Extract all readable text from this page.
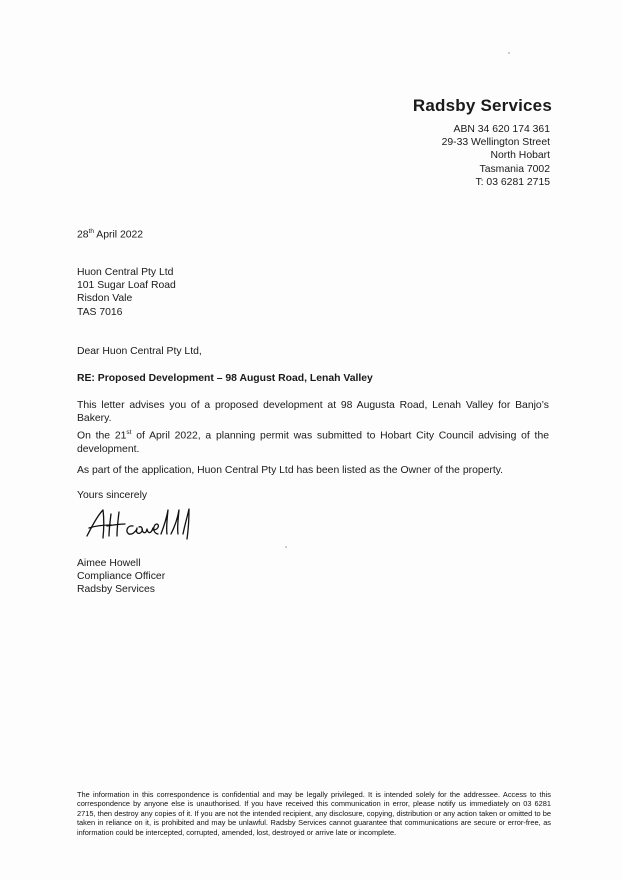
Radsby Services
ABN 34 620 174 361
29-33 Wellington Street
North Hobart
Tasmania 7002
T: 03 6281 2715
28th April 2022
Huon Central Pty Ltd
101 Sugar Loaf Road
Risdon Vale
TAS 7016
Dear Huon Central Pty Ltd,
RE: Proposed Development – 98 August Road, Lenah Valley
This letter advises you of a proposed development at 98 Augusta Road, Lenah Valley for Banjo’s Bakery.
On the 21st of April 2022, a planning permit was submitted to Hobart City Council advising of the development.
As part of the application, Huon Central Pty Ltd has been listed as the Owner of the property.
Yours sincerely
Aimee Howell
Compliance Officer
Radsby Services
The information in this correspondence is confidential and may be legally privileged. It is intended solely for the addressee. Access to this correspondence by anyone else is unauthorised. If you have received this communication in error, please notify us immediately on 03 6281 2715, then destroy any copies of it. If you are not the intended recipient, any disclosure, copying, distribution or any action taken or omitted to be taken in reliance on it, is prohibited and may be unlawful. Radsby Services cannot guarantee that communications are secure or error-free, as information could be intercepted, corrupted, amended, lost, destroyed or arrive late or incomplete.
